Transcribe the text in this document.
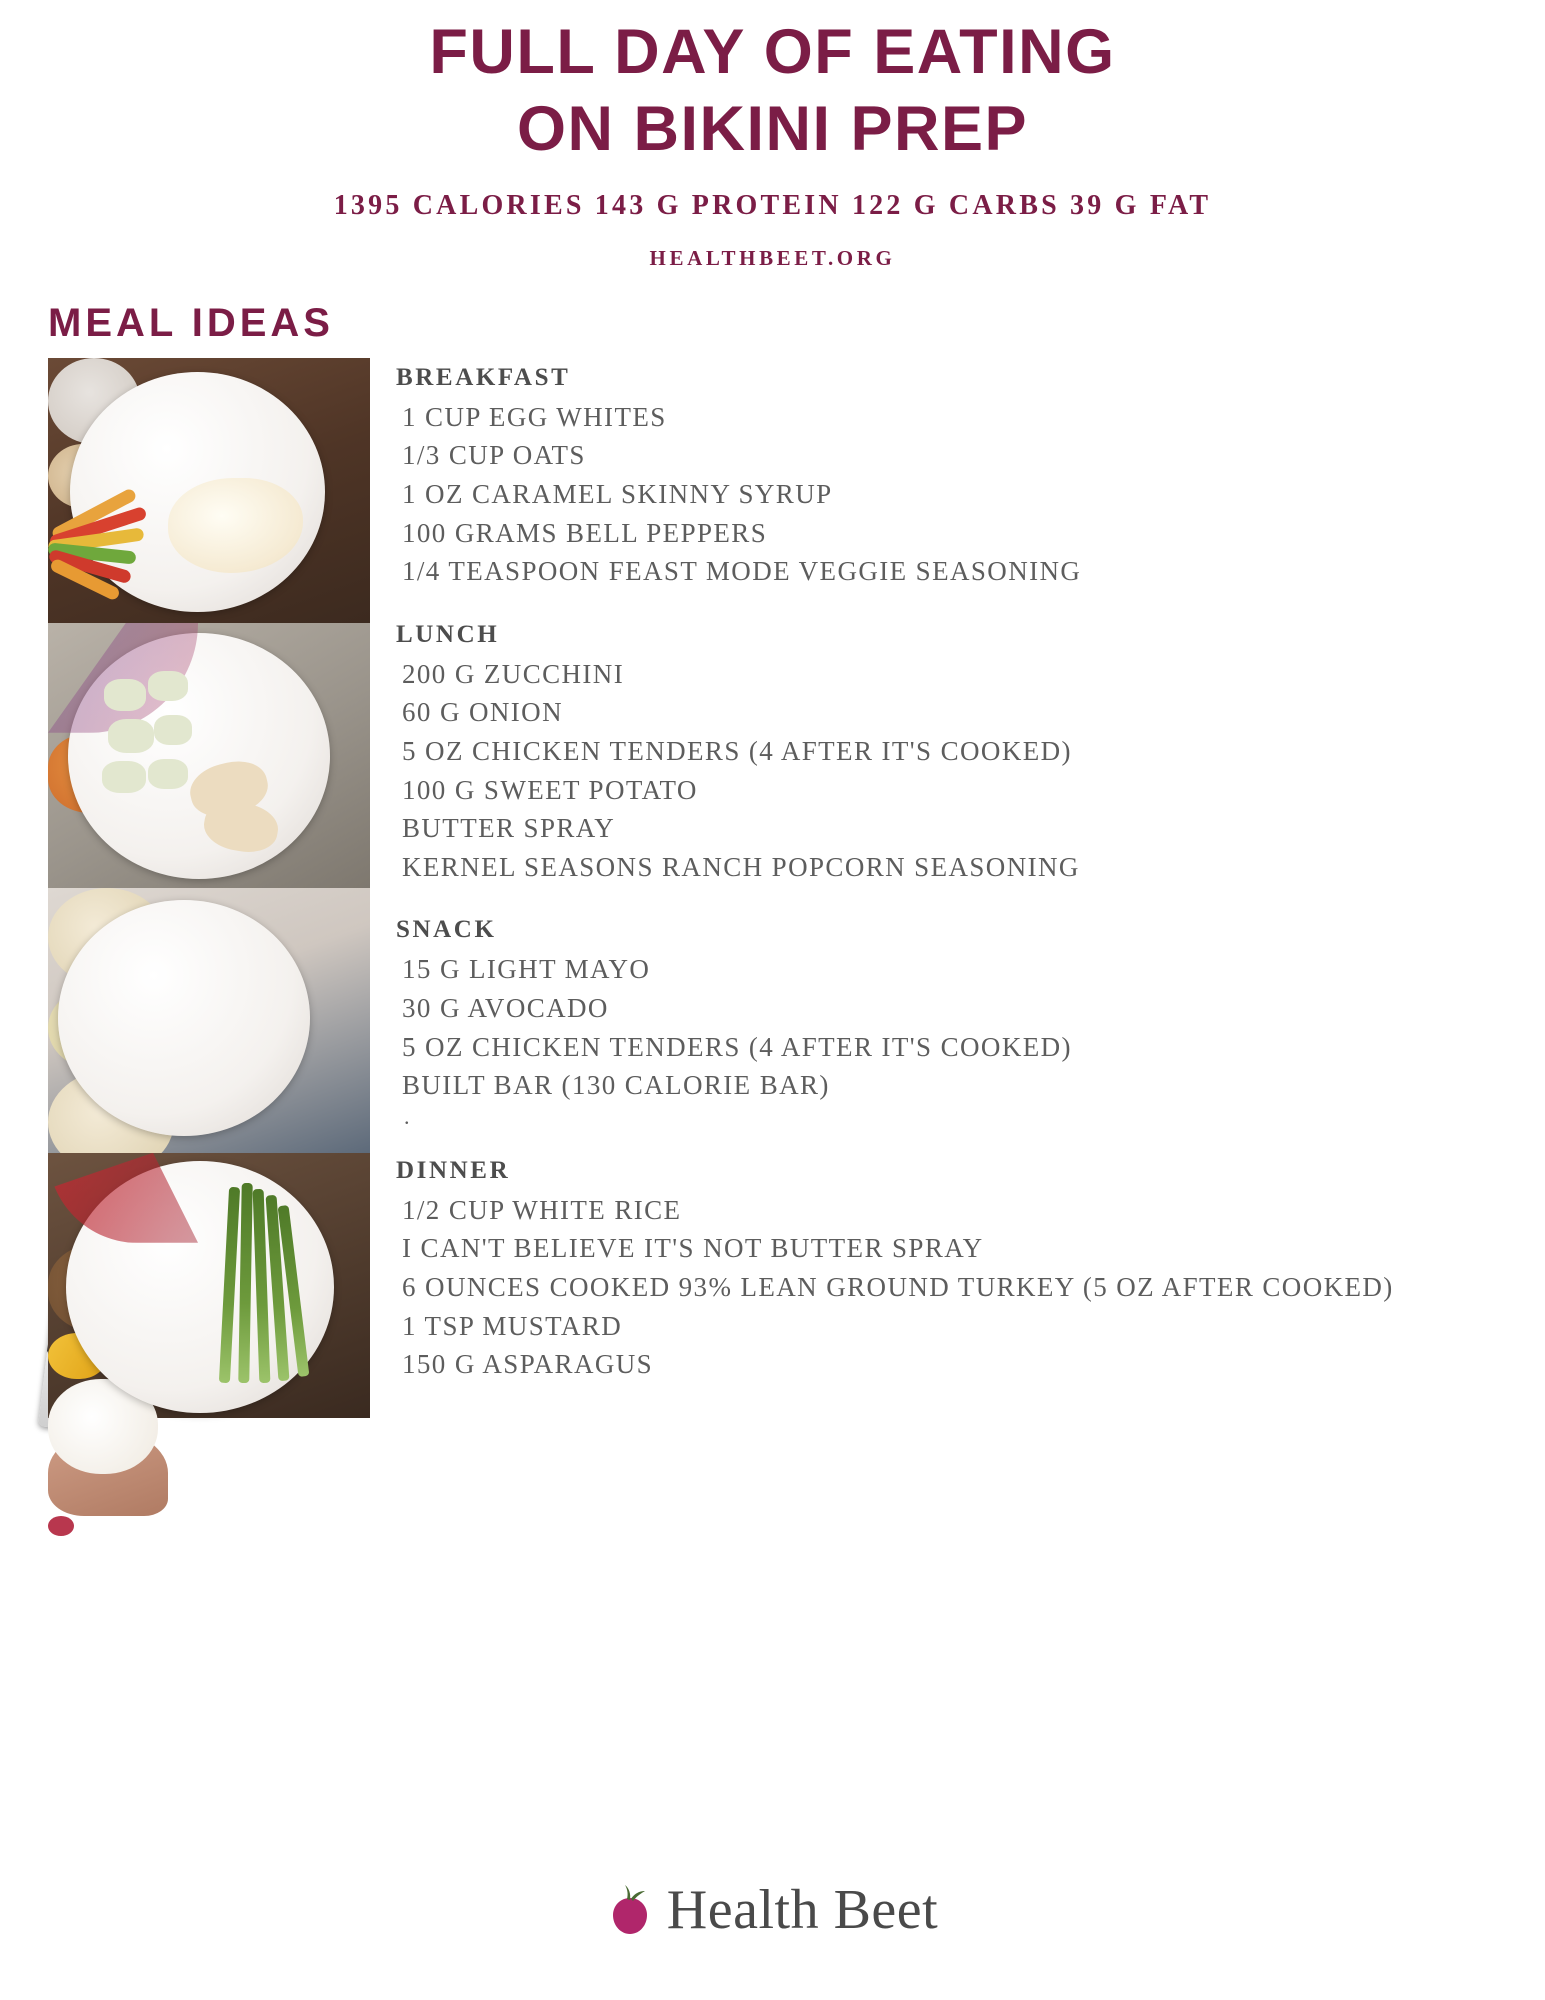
FULL DAY OF EATING
ON BIKINI PREP
1395 CALORIES 143 G PROTEIN 122 G CARBS 39 G FAT
HEALTHBEET.ORG
MEAL IDEAS
BREAKFAST
1 CUP EGG WHITES
1/3 CUP OATS
1 OZ CARAMEL SKINNY SYRUP
100 GRAMS BELL PEPPERS
1/4 TEASPOON FEAST MODE VEGGIE SEASONING
LUNCH
200 G ZUCCHINI
60 G ONION
5 OZ CHICKEN TENDERS (4 AFTER IT'S COOKED)
100 G SWEET POTATO
BUTTER SPRAY
KERNEL SEASONS RANCH POPCORN SEASONING
SNACK
15 G LIGHT MAYO
30 G AVOCADO
5 OZ CHICKEN TENDERS (4 AFTER IT'S COOKED)
BUILT BAR (130 CALORIE BAR)
.
DINNER
1/2 CUP WHITE RICE
I CAN'T BELIEVE IT'S NOT BUTTER SPRAY
6 OUNCES COOKED 93% LEAN GROUND TURKEY (5 OZ AFTER COOKED)
1 TSP MUSTARD
150 G ASPARAGUS
Health Beet
